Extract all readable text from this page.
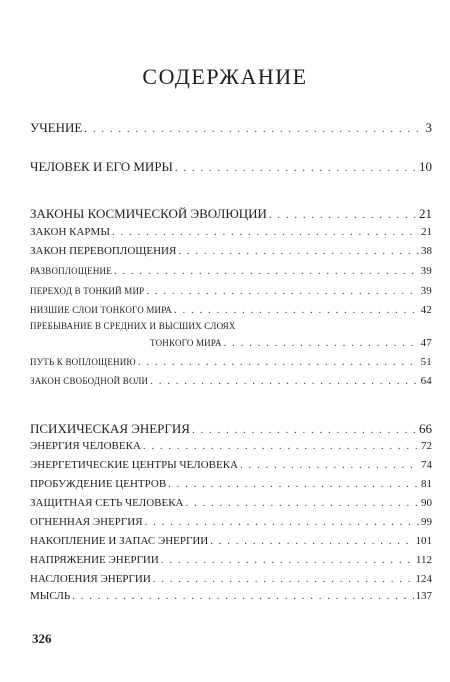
СОДЕРЖАНИЕ
УЧЕНИЕ . . .	3
ЧЕЛОВЕК И ЕГО МИРЫ . . .	10
ЗАКОНЫ КОСМИЧЕСКОЙ ЭВОЛЮЦИИ . . .	21
ЗАКОН КАРМЫ . . .	21
ЗАКОН ПЕРЕВОПЛОЩЕНИЯ . . .	38
РАЗВОПЛОЩЕНИЕ . . .	39
ПЕРЕХОД В ТОНКИЙ МИР . . .	39
НИЗШИЕ СЛОИ ТОНКОГО МИРА . . .	42
ПРЕБЫВАНИЕ В СРЕДНИХ И ВЫСШИХ СЛОЯХ
ТОНКОГО МИРА . . .	47
ПУТЬ К ВОПЛОЩЕНИЮ . . .	51
ЗАКОН СВОБОДНОЙ ВОЛИ . . .	64
ПСИХИЧЕСКАЯ ЭНЕРГИЯ . . .	66
ЭНЕРГИЯ ЧЕЛОВЕКА . . .	72
ЭНЕРГЕТИЧЕСКИЕ ЦЕНТРЫ ЧЕЛОВЕКА . . .	74
ПРОБУЖДЕНИЕ ЦЕНТРОВ . . .	81
ЗАЩИТНАЯ СЕТЬ ЧЕЛОВЕКА . . .	90
ОГНЕННАЯ ЭНЕРГИЯ . . .	99
НАКОПЛЕНИЕ И ЗАПАС ЭНЕРГИИ . . .	101
НАПРЯЖЕНИЕ ЭНЕРГИИ . . .	112
НАСЛОЕНИЯ ЭНЕРГИИ . . .	124
МЫСЛЬ . . .	137
326
